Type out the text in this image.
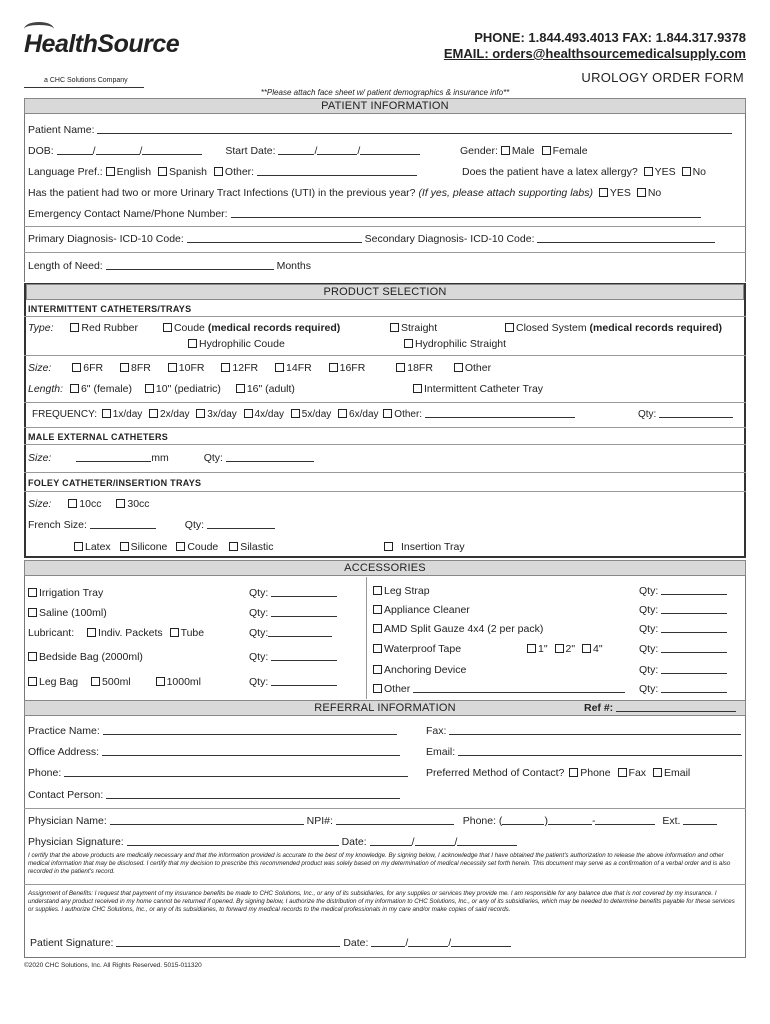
HealthSource
a CHC Solutions Company
PHONE: 1.844.493.4013 FAX: 1.844.317.9378
EMAIL: orders@healthsourcemedicalsupply.com
UROLOGY ORDER FORM
**Please attach face sheet w/ patient demographics & insurance info**
PATIENT INFORMATION
Patient Name:
DOB:	/	/	Start Date:	/	/	Gender: Male Female
Language Pref.: English Spanish Other:	Does the patient have a latex allergy? YES No
Has the patient had two or more Urinary Tract Infections (UTI) in the previous year? (If yes, please attach supporting labs) YES No
Emergency Contact Name/Phone Number:
Primary Diagnosis- ICD-10 Code:	Secondary Diagnosis- ICD-10 Code:
Length of Need:	Months
PRODUCT SELECTION
INTERMITTENT CATHETERS/TRAYS
Type:	Red Rubber	Coude (medical records required)	Straight	Closed System (medical records required)
Hydrophilic Coude	Hydrophilic Straight
Size:	6FR	8FR	10FR	12FR	14FR	16FR	18FR	Other
Length: 6" (female) 10" (pediatric) 16" (adult)	Intermittent Catheter Tray
FREQUENCY: 1x/day 2x/day 3x/day 4x/day 5x/day 6x/day Other:	Qty:
MALE EXTERNAL CATHETERS
Size:	mm	Qty:
FOLEY CATHETER/INSERTION TRAYS
Size:	10cc 30cc
French Size:	Qty:
Latex Silicone Coude Silastic	Insertion Tray
ACCESSORIES
Irrigation Tray	Qty:
Saline (100ml)	Qty:
Lubricant: Indiv. Packets Tube	Qty:
Bedside Bag (2000ml)	Qty:
Leg Bag 500ml	1000ml	Qty:
Leg Strap	Qty:
Appliance Cleaner	Qty:
AMD Split Gauze 4x4 (2 per pack)	Qty:
Waterproof Tape	1" 2" 4"	Qty:
Anchoring Device	Qty:
Other	Qty:
REFERRAL INFORMATION	Ref #:
Practice Name:	Fax:
Office Address:	Email:
Phone:	Preferred Method of Contact? Phone Fax Email
Contact Person:
Physician Name:	NPI#:	Phone: (	)	-	Ext.
Physician Signature:	Date:	/	/
I certify that the above products are medically necessary and that the information provided is accurate to the best of my knowledge. By signing below, I acknowledge that I have obtained the patient's authorization to release the above information and other medical information that may be disclosed. I certify that my decision to prescribe this recommended product was solely based on my determination of medical necessity set forth herein. This document may serve as a confirmation of a verbal order and is also recorded in the patient's record.
Assignment of Benefits: I request that payment of my insurance benefits be made to CHC Solutions, Inc., or any of its subsidiaries, for any supplies or services they provide me. I am responsible for any balance due that is not covered by my insurance. I understand any product received in my home cannot be returned if opened. By signing below, I authorize the distribution of my information to CHC Solutions, Inc., or any of its subsidiaries, which may be needed to determine benefits payable for these services or supplies. I authorize CHC Solutions, Inc., or any of its subsidiaries, to forward my medical records to the medical professionals in my care and/or make copies of said records.
Patient Signature:	Date:	/	/
©2020 CHC Solutions, Inc. All Rights Reserved. 5015-011320
